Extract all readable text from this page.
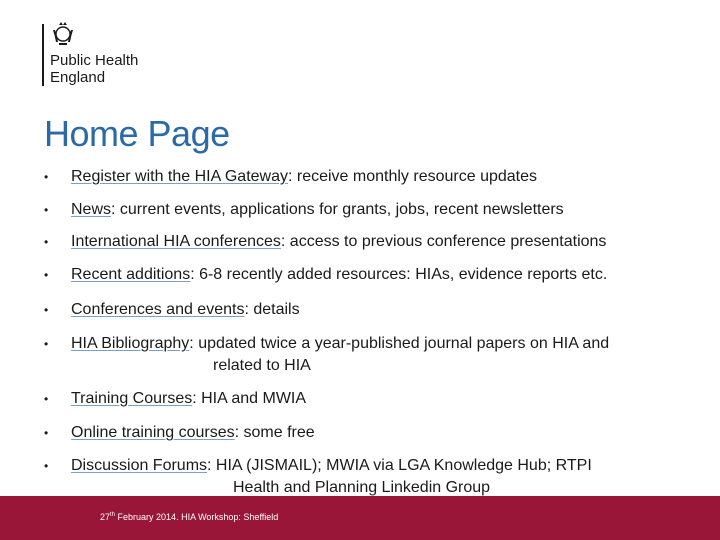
Public Health
England
Home Page
• Register with the HIA Gateway: receive monthly resource updates
• News: current events, applications for grants, jobs, recent newsletters
• International HIA conferences: access to previous conference presentations
• Recent additions: 6-8 recently added resources: HIAs, evidence reports etc.
• Conferences and events: details
• HIA Bibliography: updated twice a year-published journal papers on HIA and
related to HIA
• Training Courses: HIA and MWIA
• Online training courses: some free
• Discussion Forums: HIA (JISMAIL); MWIA via LGA Knowledge Hub; RTPI
Health and Planning Linkedin Group
27th February 2014. HIA Workshop: Sheffield
